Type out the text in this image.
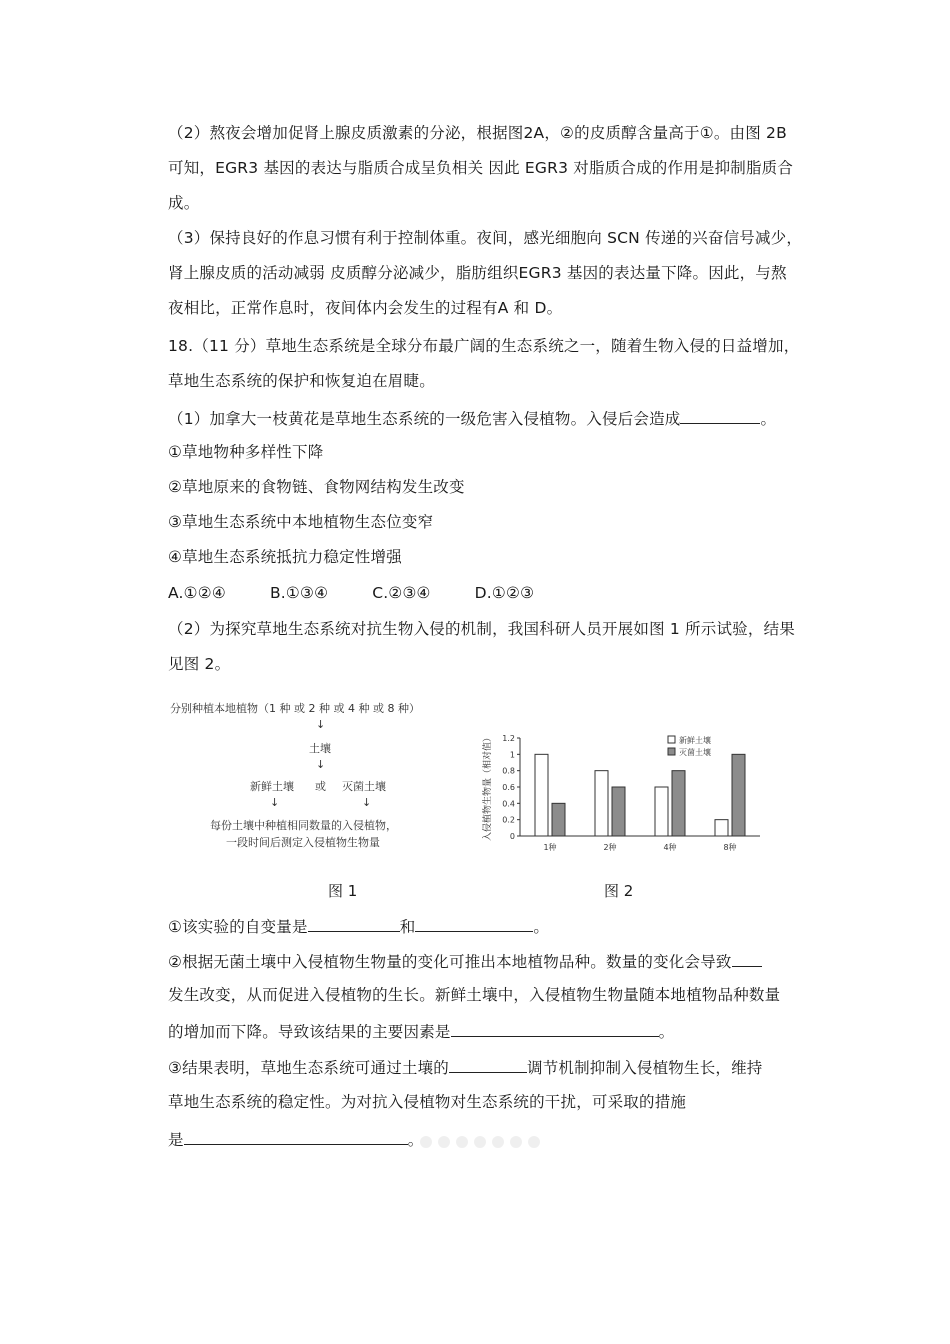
（2）熬夜会增加促肾上腺皮质激素的分泌，根据图2A，②的皮质醇含量高于①。由图 2B
可知，EGR3 基因的表达与脂质合成呈负相关 因此 EGR3 对脂质合成的作用是抑制脂质合
成。
（3）保持良好的作息习惯有利于控制体重。夜间，感光细胞向 SCN 传递的兴奋信号减少，
肾上腺皮质的活动减弱 皮质醇分泌减少，脂肪组织EGR3 基因的表达量下降。因此，与熬
夜相比，正常作息时，夜间体内会发生的过程有A 和 D。
18.（11 分）草地生态系统是全球分布最广阔的生态系统之一，随着生物入侵的日益增加，
草地生态系统的保护和恢复迫在眉睫。
（1）加拿大一枝黄花是草地生态系统的一级危害入侵植物。入侵后会造成	。
①草地物种多样性下降
②草地原来的食物链、食物网结构发生改变
③草地生态系统中本地植物生态位变窄
④草地生态系统抵抗力稳定性增强
A.①②④	B.①③④	C.②③④	D.①②③
（2）为探究草地生态系统对抗生物入侵的机制，我国科研人员开展如图 1 所示试验，结果
见图 2。
分别种植本地植物（1 种 或 2 种 或 4 种 或 8 种）
↓
土壤
↓
新鲜土壤 或 灭菌土壤
↓	↓
每份土壤中种植相同数量的入侵植物，
一段时间后测定入侵植物生物量	0
0.2
0.4
0.6
0.8
1
1.2
入侵植物生物量（相对值）
1种	2种	4种	8种
新鲜土壤
灭菌土壤
图 1	图 2
①该实验的自变量是	和	。
②根据无菌土壤中入侵植物生物量的变化可推出本地植物品种。数量的变化会导致
发生改变，从而促进入侵植物的生长。新鲜土壤中，入侵植物生物量随本地植物品种数量
的增加而下降。导致该结果的主要因素是	。
③结果表明，草地生态系统可通过土壤的	调节机制抑制入侵植物生长，维持
草地生态系统的稳定性。为对抗入侵植物对生态系统的干扰，可采取的措施
是	。
